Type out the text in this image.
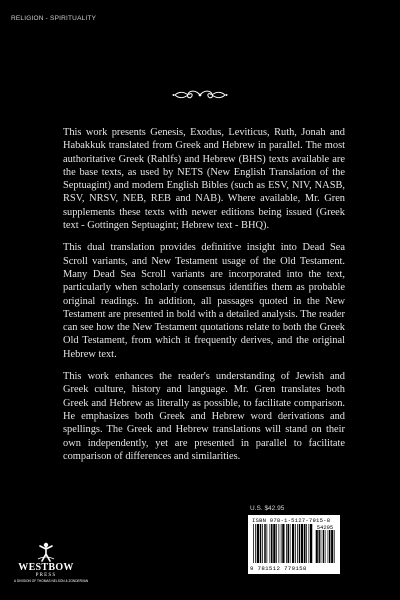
RELIGION - SPIRITUALITY

This work presents Genesis, Exodus, Leviticus, Ruth, Jonah and Habakkuk translated from Greek and Hebrew in parallel. The most authoritative Greek (Rahlfs) and Hebrew (BHS) texts available are the base texts, as used by NETS (New English Translation of the Septuagint) and modern English Bibles (such as ESV, NIV, NASB, RSV, NRSV, NEB, REB and NAB). Where available, Mr. Gren supplements these texts with newer editions being issued (Greek text - Gottingen Septuagint; Hebrew text - BHQ).

This dual translation provides definitive insight into Dead Sea Scroll variants, and New Testament usage of the Old Testament. Many Dead Sea Scroll variants are incorporated into the text, particularly when scholarly consensus identifies them as probable original readings. In addition, all passages quoted in the New Testament are presented in bold with a detailed analysis. The reader can see how the New Testament quotations relate to both the Greek Old Testament, from which it frequently derives, and the original Hebrew text.

This work enhances the reader's understanding of Jewish and Greek culture, history and language. Mr. Gren translates both Greek and Hebrew as literally as possible, to facilitate comparison. He emphasizes both Greek and Hebrew word derivations and spellings. The Greek and Hebrew translations will stand on their own independently, yet are presented in parallel to facilitate comparison of differences and similarities.

U.S. $42.95
ISBN 978-1-5127-7915-8
54295
9 781512 779158
WESTBOW
PRESS
A DIVISION OF THOMAS NELSON & ZONDERVAN
